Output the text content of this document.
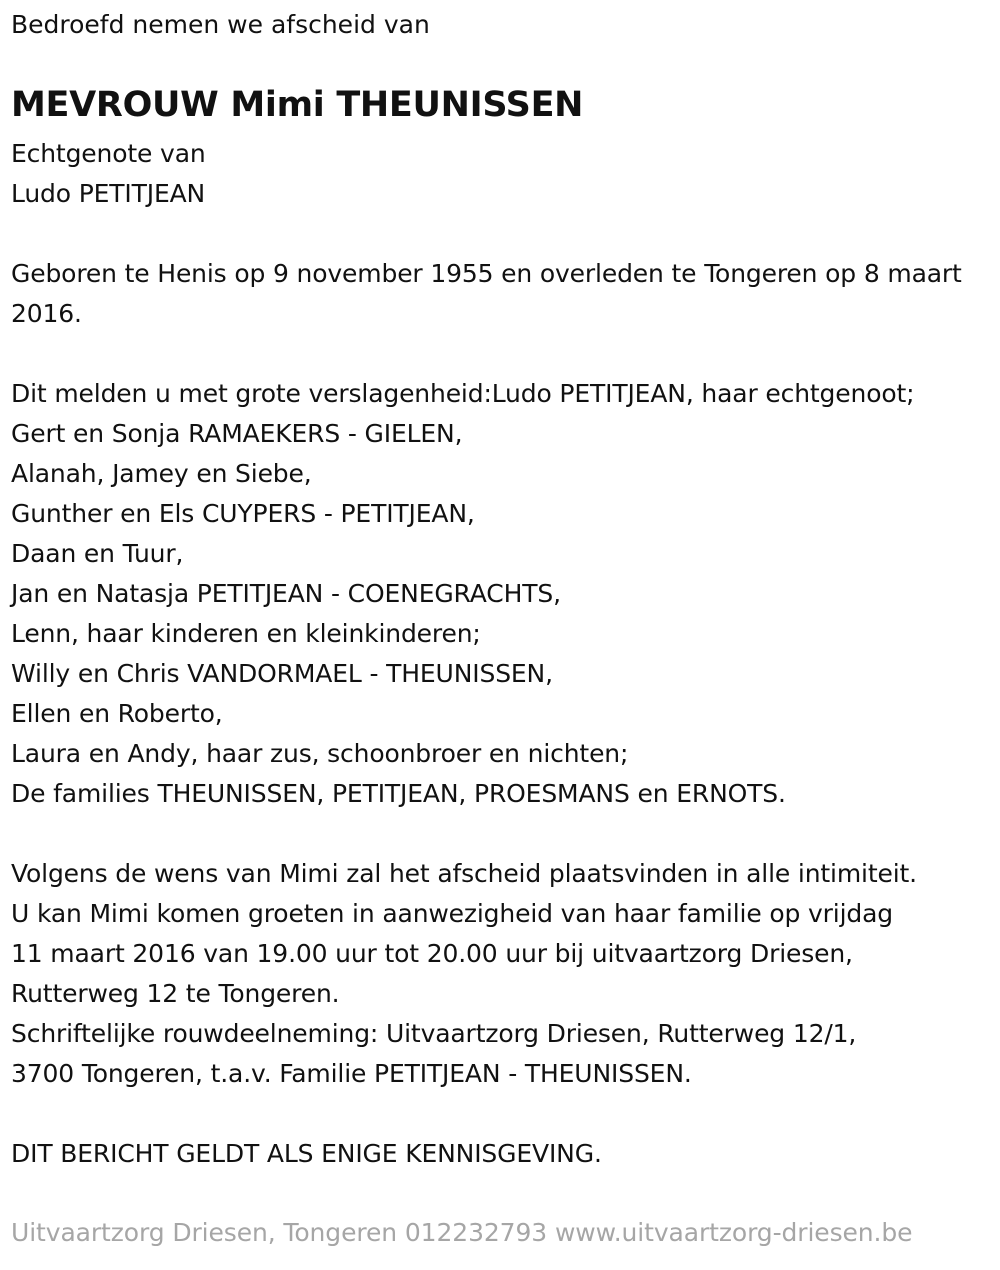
Bedroefd nemen we afscheid van
MEVROUW Mimi THEUNISSEN
Echtgenote van
Ludo PETITJEAN
Geboren te Henis op 9 november 1955 en overleden te Tongeren op 8 maart 2016.
Dit melden u met grote verslagenheid:Ludo PETITJEAN, haar echtgenoot;
Gert en Sonja RAMAEKERS - GIELEN,
Alanah, Jamey en Siebe,
Gunther en Els CUYPERS - PETITJEAN,
Daan en Tuur,
Jan en Natasja PETITJEAN - COENEGRACHTS,
Lenn, haar kinderen en kleinkinderen;
Willy en Chris VANDORMAEL - THEUNISSEN,
Ellen en Roberto,
Laura en Andy, haar zus, schoonbroer en nichten;
De families THEUNISSEN, PETITJEAN, PROESMANS en ERNOTS.
Volgens de wens van Mimi zal het afscheid plaatsvinden in alle intimiteit.
U kan Mimi komen groeten in aanwezigheid van haar familie op vrijdag
11 maart 2016 van 19.00 uur tot 20.00 uur bij uitvaartzorg Driesen,
Rutterweg 12 te Tongeren.
Schriftelijke rouwdeelneming: Uitvaartzorg Driesen, Rutterweg 12/1,
3700 Tongeren, t.a.v. Familie PETITJEAN - THEUNISSEN.
DIT BERICHT GELDT ALS ENIGE KENNISGEVING.
Uitvaartzorg Driesen, Tongeren 012232793 www.uitvaartzorg-driesen.be
